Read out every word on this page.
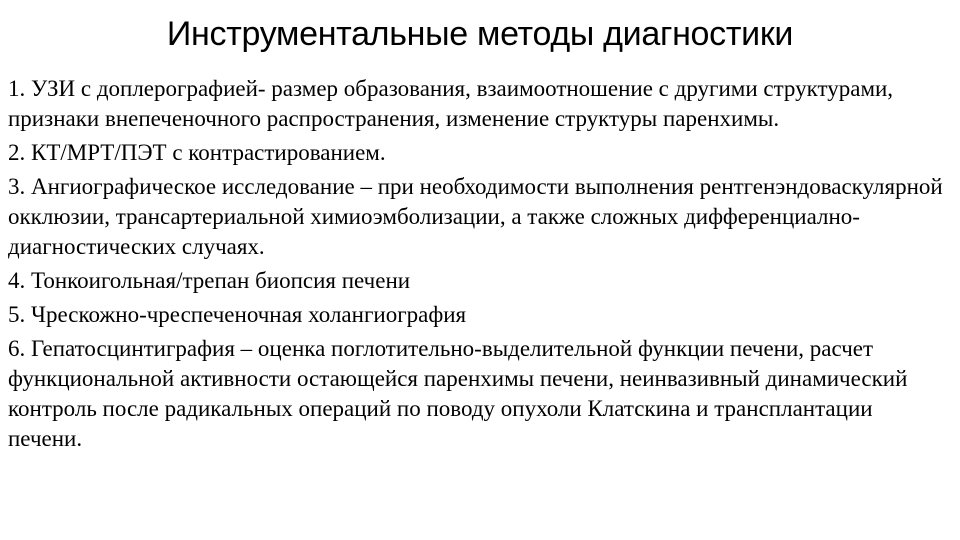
Инструментальные методы диагностики
1. УЗИ с доплерографией- размер образования, взаимоотношение с другими структурами, признаки внепеченочного распространения, изменение структуры паренхимы.
2. КТ/МРТ/ПЭТ с контрастированием.
3. Ангиографическое исследование – при необходимости выполнения рентгенэндоваскулярной окклюзии, трансартериальной химиоэмболизации, а также сложных дифференциално-диагностических случаях.
4. Тонкоигольная/трепан биопсия печени
5. Чрескожно-чреспеченочная холангиография
6. Гепатосцинтиграфия – оценка поглотительно-выделительной функции печени, расчет функциональной активности остающейся паренхимы печени, неинвазивный динамический контроль после радикальных операций по поводу опухоли Клатскина и трансплантации печени.
